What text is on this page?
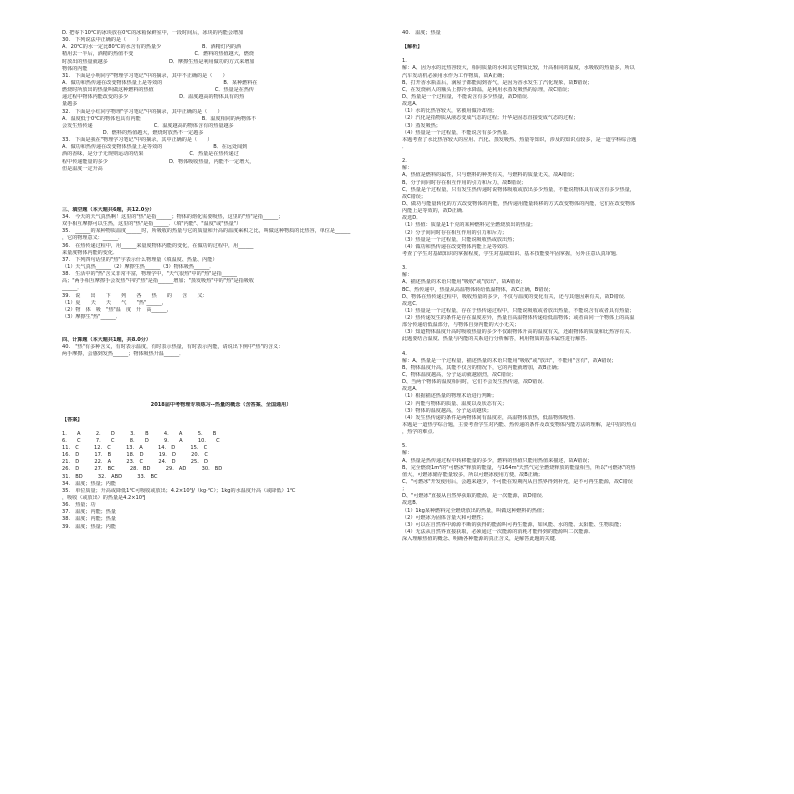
D. 把零下10℃的冰块放在0℃的冰箱保鲜室中，一段时间后，冰块的内能会增加
30.　下列说法中正确的是（　　）
A．20℃的水一定比80℃的水含有的热量少　　　　　　　　B．酒精灯内的酒
精用去一半后，酒精的热值不变　　　　　　　　　　　　C．燃料的热值越大，燃烧
时放出的热量就越多　　　　　　　　　　　　D．摩擦生热是利用做功的方式来增加
物体的内能
31.　下面是小明同学"物理学习笔记"中的摘录，其中不正确的是（　　）
A．做功和热传递在改变物体热量上是等效的　　　　　　　　　　　　B．某种燃料在
燃烧时所放出的热量叫做这种燃料的热值　　　　　　　　　　　　C．热量是在热传
递过程中物体内能改变的多少　　　　　　　　　　D．温度越高的物体具有的热
量越多
32.　下面是小红同学物理"学习笔记"中的摘录，其中正确的是（　　）
A．温度低于0℃的物体也具有内能　　　　　　　　　　　　B．温度相同的两物体不
会发生热传递　　　　　　　　　　　　C．温度越高的物体含有的热量越多
　　　　　　　　D．燃料的热值越大，燃烧时放热不一定越多
33.　下面是我在"物理学习笔记"中的摘录，其中正确的是（　　）
A．做功和热传递在改变物体热量上是等效的　　　　　　　　　　B．在远处闻到
酒的香味，是分子无规则运动的结果　　　　　　　　　C．热量是在热传递过
程中传递能量的多少　　　　　　　　　　　　D．物体吸收热量，内能不一定增大，
但是温度一定升高
三、填空题（本大题共6题，共12.0分）
34.　今天的天气真热啊！这里的"热"是指______；物体的熔化需要吸热，这里的"热"是指______；
双手相互摩擦可以生热，这里的"热"是指______．（填"内能"、"温度"或"热量"）
35.　______的某种物质温度______时，所吸收的热量与它的质量和升高的温度乘积之比，叫做这种物质的比热容，单位是______
，它的物理意义：______．
36.　在热传递过程中，用______来量度物体内能的变化，在做功的过程中，用______
来量度物体内能的变化．
37.　下列四句话里的"热"字表示什么物理量（填温度、热量、内能）
（1）天气真热______（2）摩擦生热______（3）物体吸热______．
38.　生活中的"热"含义非常丰富，物理学中，"天气很热"中的"热"是指______
高；"两手相互摩擦手会发热"中的"热"是指______增加；"蒸发吸热"中的"热"是指吸收
______．
39.　说　　出　　下　　列　　各　　热　　的　　含　　义：
（1）夏　　天　　天　　气　　"热"______，
（2）物　体　吸　"热"温　度　升　高______，
（3）摩擦生"热"______．
四、计算题（本大题共1题，共8.0分）
40.　"热"有多种含义，有时表示温度，有时表示热量，有时表示内能，请说出下例中"热"的含义：
两手摩擦，会感到发热______；物体吸热升温______．
2018届中考物理专项练习--热量的概念（含答案、全国通用）
【答案】
1.　　A　　　2.　　D　　　3.　　B　　　4.　　A　　　5.　　B
6.　　C　　　7.　　C　　　8.　　D　　　9.　　A　　　10.　　C
11.　C　　　12.　C　　　13.　A　　　14.　D　　　15.　C
16.　D　　　17.　B　　　18.　D　　　19.　D　　　20.　C
21.　D　　　22.　A　　　23.　C　　　24.　D　　　25.　D
26.　D　　　27.　BC　　　28.　BD　　　29.　AD　　　30.　BD
31.　BD　　　32.　ABD　　　33.　BC
34.　温度；热量；内能
35.　单位质量；升高或降低1℃可吸收或放出；4.2×10³J/（kg·℃）；1kg的水温度升高（或降低）1℃
，吸收（或放出）的热量是4.2×10³J
36.　热量；功
37.　温度；内能；热量
38.　温度；内能；热量
39.　温度；热量；内能
40.　温度；热量
【解析】
1.
解：A、因为水的比热容较大，相同质量的水和其它物质比较，升高相同的温度，水吸收的热量多，所以
汽车发动机必须用水作为工作物质，故A正确；
B、打开香水瓶盖后，满屋子都能闻到香气，是因为香水发生了汽化现象，故B错误；
C、在发烧病人的额头上擦冷水降温，是利用水蒸发吸热的原理，故C错误；
D、热量是一个过程量，不能说含有多少热量，故D错误．
故选A．
（1）水的比热容较大，常被用做冷却剂；
（2）汽化是指物质从液态变成气态的过程；升华是固态直接变成气态的过程；
（3）蒸发吸热；
（4）热量是一个过程量，不能说含有多少热量．
本题考查了水比热容较大的应用、汽化、蒸发吸热、热量等知识，涉及的知识点较多，是一道学科综合题
．
2.
解：
A、热值是燃料的属性，只与燃料的种类有关，与燃料的质量无关，故A错误；
B、分子间同时存在相互作用的引力和斥力，故B错误；
C、热量是个过程量，只有发生热传递时说物体吸收或放出多少热量，不能说物体具有或含有多少热量，
故C错误；
D、做功与能量转化的方式改变物体的内能，热传递用能量转移的方式改变物体的内能，它们在改变物体
内能上是等效的，故D正确．
故选D．
（1）热值：质量是1千克的某种燃料完全燃烧放出的热量；
（2）分子间同时存在相互作用的引力和斥力；
（3）热量是一个过程量，只能说吸收热或放出热；
（4）做功和热传递在改变物体内能上是等效的．
考查了学生对基础知识的掌握程度，学生对基础知识、基本技能要牢固掌握，另外注意认真审题．
3.
解：
A、描述热量的术语只能用"吸收"或"放出"，故A错误；
BC、热传递中，热量从高温物体转给低温物体，故C正确，B错误；
D、物体在热传递过程中，吸收热量的多少，不仅与温度的变化有关，还与其他因素有关，故D错误．
故选C．
（1）热量是一个过程量，存在于热传递过程中，只能说吸收或者放出热量，不能说含有或者具有热量；
（2）热传递发生的条件是存在温度差异，热量自高温物体传递给低温物体；或者由同一个物体上的高温
部分传递给低温部分，与物体自身内能的大小无关；
（3）知道物体温度升高时吸收热量的多少不仅跟物体升高的温度有关，还跟物体的质量和比热容有关．
此题要结合温度、热量与内能的关系进行分析解答，利用物质的基本属性进行解答．
4.
解：A、热量是一个过程量，描述热量的术语只能用"吸收"或"放出"，不能用"含有"，故A错误；
B、物体温度升高，其能不仅含的情况下，它的内能就增加，故B正确；
C、物体温度越高，分子运动就越剧烈，故C错误；
D、当两个物体的温度相同时，它们不会发生热传递，故D错误．
故选A．
（1）根据描述热量的物理术语进行判断；
（2）内能与物体的质量、温度以及状态有关；
（3）物体的温度越高，分子运动越快；
（4）发生热传递的条件是两物体间有温度差，高温物体放热，低温物体吸热．
本题是一道热学综合题，主要考查学生对内能、热传递的条件及改变物体内能方法的理解，是中招的热点
，热学的难点．
5.
解：
A、热量是热传递过程中转移能量的多少，燃料的热值只能用热值来描述，故A错误；
B、完全燃烧1m³的"可燃冰"释放的能量，与164m³天然气完全燃烧释放的能量相当，所以"可燃冰"的热
值大，可燃冰储存能量较多，所以可燃冰使用方便，故B正确；
C、"可燃冰"开发使用后，会越来越少，不可能在短期内从自然界得到补充，是不可再生能源，故C错误
；
D、"可燃冰"直接从自然界获取的能源，是一次能源，故D错误．
故选B．
（1）1kg某种燃料完全燃烧放出的热量，叫做这种燃料的热值；
（2）可燃冰为固体含量大和可燃性；
（3）可以在自然界中源源不断的获得的能源叫可再生能源，如风能、水的能、太阳能、生物质能；
（4）无法从自然界直接获取，必须通过一次能源的消耗才能得到的能源叫二次能源．
深入理解热值的概念、明确各种能源的真正含义，是解答此题的关键．
